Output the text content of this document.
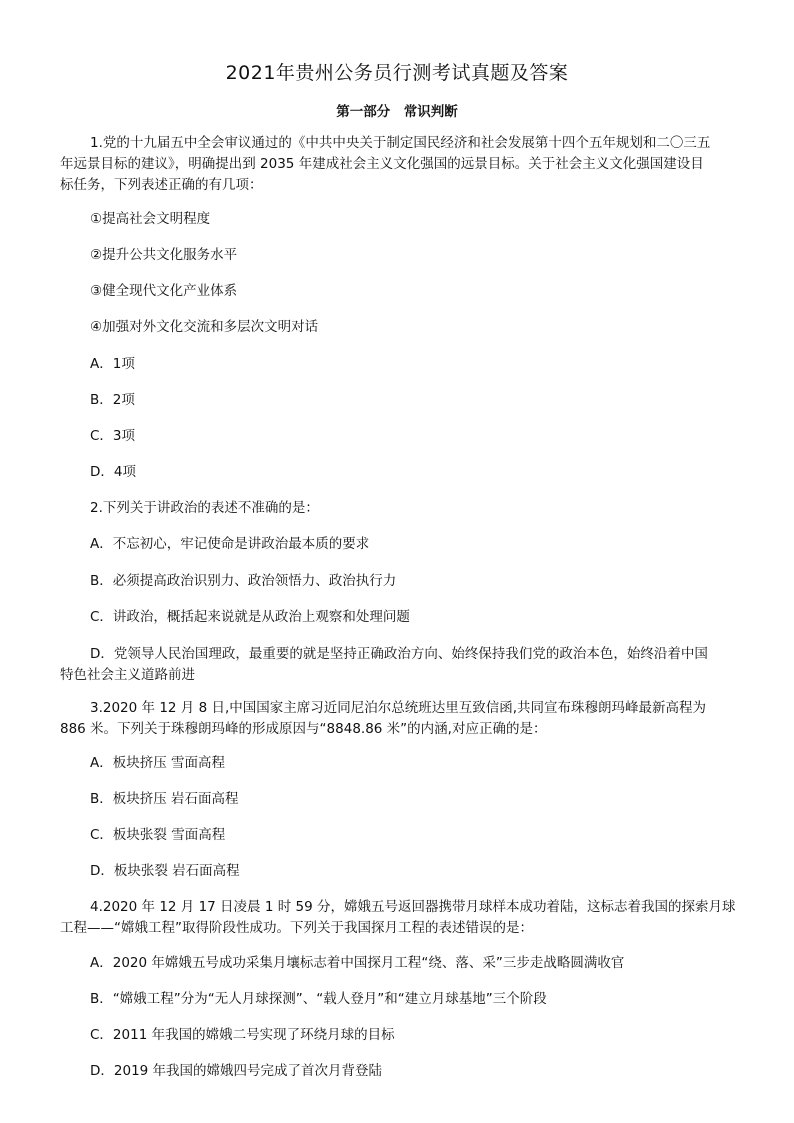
2021年贵州公务员行测考试真题及答案
第一部分　常识判断
1.党的十九届五中全会审议通过的《中共中央关于制定国民经济和社会发展第十四个五年规划和二〇三五
年远景目标的建议》，明确提出到 2035 年建成社会主义文化强国的远景目标。关于社会主义文化强国建设目
标任务，下列表述正确的有几项：
①提高社会文明程度
②提升公共文化服务水平
③健全现代文化产业体系
④加强对外文化交流和多层次文明对话
A．1项
B．2项
C．3项
D．4项
2.下列关于讲政治的表述不准确的是：
A．不忘初心，牢记使命是讲政治最本质的要求
B．必须提高政治识别力、政治领悟力、政治执行力
C．讲政治，概括起来说就是从政治上观察和处理问题
D．党领导人民治国理政，最重要的就是坚持正确政治方向、始终保持我们党的政治本色，始终沿着中国
特色社会主义道路前进
3.2020 年 12 月 8 日,中国国家主席习近同尼泊尔总统班达里互致信函,共同宣布珠穆朗玛峰最新高程为
886 米。下列关于珠穆朗玛峰的形成原因与“8848.86 米”的内涵,对应正确的是：
A．板块挤压 雪面高程
B．板块挤压 岩石面高程
C．板块张裂 雪面高程
D．板块张裂 岩石面高程
4.2020 年 12 月 17 日凌晨 1 时 59 分，嫦娥五号返回器携带月球样本成功着陆，这标志着我国的探索月球
工程——“嫦娥工程”取得阶段性成功。下列关于我国探月工程的表述错误的是：
A．2020 年嫦娥五号成功采集月壤标志着中国探月工程“绕、落、采”三步走战略圆满收官
B．“嫦娥工程”分为“无人月球探测”、“载人登月”和“建立月球基地”三个阶段
C．2011 年我国的嫦娥二号实现了环绕月球的目标
D．2019 年我国的嫦娥四号完成了首次月背登陆
